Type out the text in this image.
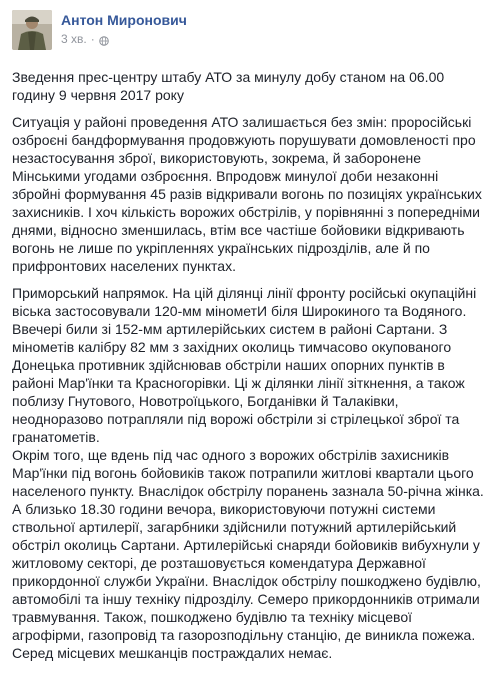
Антон Миронович
3 хв. ·

Зведення прес-центру штабу АТО за минулу добу станом на 06.00 годину 9 червня 2017 року

Ситуація у районі проведення АТО залишається без змін: проросійські озброєні бандформування продовжують порушувати домовленості про незастосування зброї, використовують, зокрема, й заборонене Мінськими угодами озброєння. Впродовж минулої доби незаконні збройні формування 45 разів відкривали вогонь по позиціях українських захисників. І хоч кількість ворожих обстрілів, у порівнянні з попередніми днями, відносно зменшилась, втім все частіше бойовики відкривають вогонь не лише по укріпленнях українських підрозділів, але й по прифронтових населених пунктах.

Приморський напрямок. На цій ділянці лінії фронту російські окупаційні віська застосовували 120-мм мінометИ біля Широкиного та Водяного. Ввечері били зі 152-мм артилерійських систем в районі Сартани. З мінометів калібру 82 мм з західних околиць тимчасово окупованого Донецька противник здійснював обстріли наших опорних пунктів в районі Мар'їнки та Красногорівки. Ці ж ділянки лінії зіткнення, а також поблизу Гнутового, Новотроїцького, Богданівки й Талаківки, неодноразово потрапляли під ворожі обстріли зі стрілецької зброї та гранатометів.

Окрім того, ще вдень під час одного з ворожих обстрілів захисників Мар'їнки під вогонь бойовиків також потрапили житлові квартали цього населеного пункту. Внаслідок обстрілу поранень зазнала 50-річна жінка. А близько 18.30 години вечора, використовуючи потужні системи ствольної артилерії, загарбники здійснили потужний артилерійський обстріл околиць Сартани. Артилерійські снаряди бойовиків вибухнули у житловому секторі, де розташовується комендатура Державної прикордонної служби України. Внаслідок обстрілу пошкоджено будівлю, автомобілі та іншу техніку підрозділу. Семеро прикордонників отримали травмування. Також, пошкоджено будівлю та техніку місцевої агрофірми, газопровід та газорозподільну станцію, де виникла пожежа. Серед місцевих мешканців постраждалих немає.
